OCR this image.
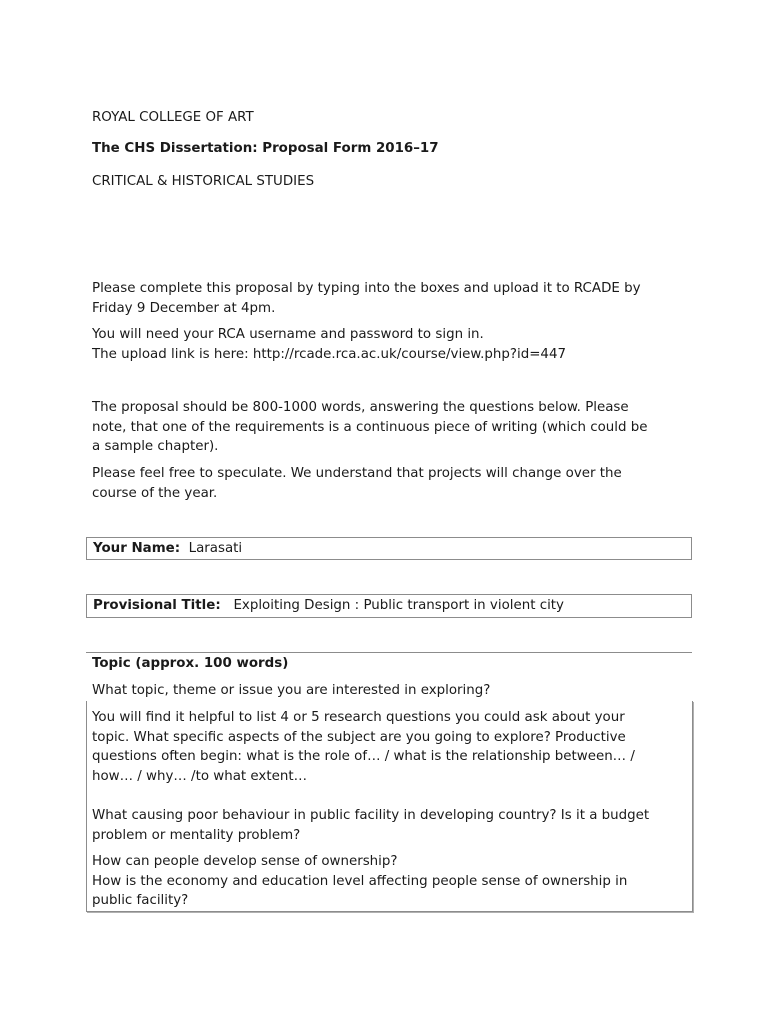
ROYAL COLLEGE OF ART
The CHS Dissertation: Proposal Form 2016–17
CRITICAL & HISTORICAL STUDIES
Please complete this proposal by typing into the boxes and upload it to RCADE by
Friday 9 December at 4pm.
You will need your RCA username and password to sign in.
The upload link is here: http://rcade.rca.ac.uk/course/view.php?id=447
The proposal should be 800-1000 words, answering the questions below. Please
note, that one of the requirements is a continuous piece of writing (which could be
a sample chapter).
Please feel free to speculate. We understand that projects will change over the
course of the year.
Your Name: Larasati
Provisional Title: Exploiting Design : Public transport in violent city
Topic (approx. 100 words)
What topic, theme or issue you are interested in exploring?
You will find it helpful to list 4 or 5 research questions you could ask about your
topic. What specific aspects of the subject are you going to explore? Productive
questions often begin: what is the role of… / what is the relationship between… /
how… / why… /to what extent…
What causing poor behaviour in public facility in developing country? Is it a budget
problem or mentality problem?
How can people develop sense of ownership?
How is the economy and education level affecting people sense of ownership in
public facility?
